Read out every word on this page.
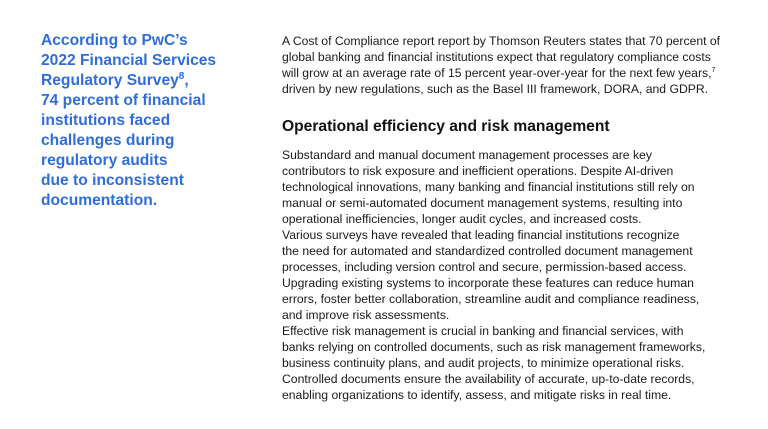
According to PwC’s
2022 Financial Services
Regulatory Survey$^8$,
74 percent of financial
institutions faced
challenges during
regulatory audits
due to inconsistent
documentation.

A Cost of Compliance report report by Thomson Reuters states that 70 percent of
global banking and financial institutions expect that regulatory compliance costs
will grow at an average rate of 15 percent year-over-year for the next few years,$^7$
driven by new regulations, such as the Basel III framework, DORA, and GDPR.

Operational efficiency and risk management

Substandard and manual document management processes are key
contributors to risk exposure and inefficient operations. Despite AI-driven
technological innovations, many banking and financial institutions still rely on
manual or semi-automated document management systems, resulting into
operational inefficiencies, longer audit cycles, and increased costs.

Various surveys have revealed that leading financial institutions recognize
the need for automated and standardized controlled document management
processes, including version control and secure, permission-based access.
Upgrading existing systems to incorporate these features can reduce human
errors, foster better collaboration, streamline audit and compliance readiness,
and improve risk assessments.

Effective risk management is crucial in banking and financial services, with
banks relying on controlled documents, such as risk management frameworks,
business continuity plans, and audit projects, to minimize operational risks.
Controlled documents ensure the availability of accurate, up-to-date records,
enabling organizations to identify, assess, and mitigate risks in real time.
